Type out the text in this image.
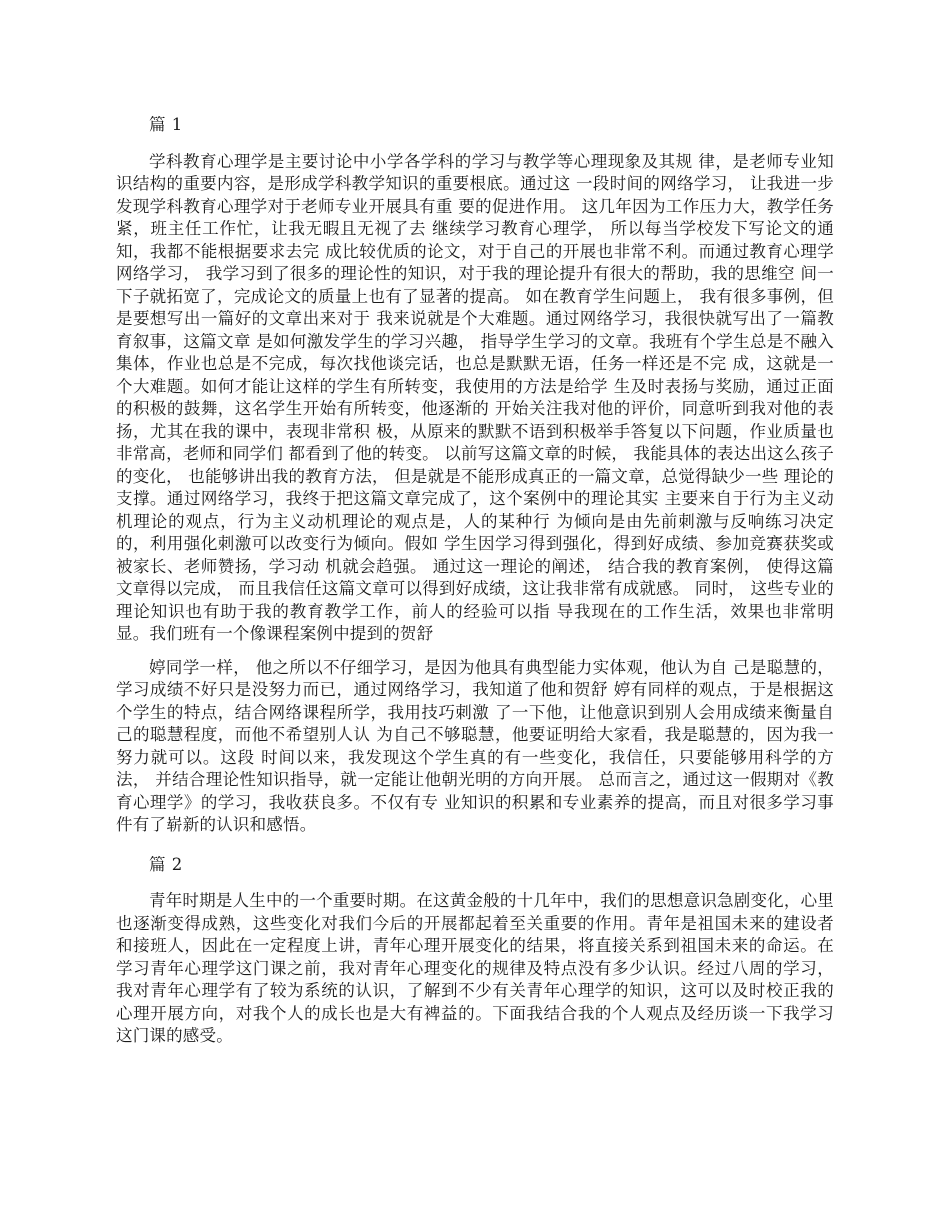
篇 1

学科教育心理学是主要讨论中小学各学科的学习与教学等心理现象及其规 律，是老师专业知识结构的重要内容，是形成学科教学知识的重要根底。通过这 一段时间的网络学习， 让我进一步发现学科教育心理学对于老师专业开展具有重 要的促进作用。 这几年因为工作压力大，教学任务紧，班主任工作忙，让我无暇且无视了去 继续学习教育心理学， 所以每当学校发下写论文的通知，我都不能根据要求去完 成比较优质的论文，对于自己的开展也非常不利。而通过教育心理学网络学习， 我学习到了很多的理论性的知识，对于我的理论提升有很大的帮助，我的思维空 间一下子就拓宽了，完成论文的质量上也有了显著的提高。 如在教育学生问题上， 我有很多事例，但是要想写出一篇好的文章出来对于 我来说就是个大难题。通过网络学习，我很快就写出了一篇教育叙事，这篇文章 是如何激发学生的学习兴趣， 指导学生学习的文章。我班有个学生总是不融入集体，作业也总是不完成，每次找他谈完话，也总是默默无语，任务一样还是不完 成，这就是一个大难题。如何才能让这样的学生有所转变，我使用的方法是给学 生及时表扬与奖励，通过正面的积极的鼓舞，这名学生开始有所转变，他逐渐的 开始关注我对他的评价，同意听到我对他的表扬，尤其在我的课中，表现非常积 极，从原来的默默不语到积极举手答复以下问题，作业质量也非常高，老师和同学们 都看到了他的转变。 以前写这篇文章的时候， 我能具体的表达出这么孩子的变化， 也能够讲出我的教育方法， 但是就是不能形成真正的一篇文章，总觉得缺少一些 理论的支撑。通过网络学习，我终于把这篇文章完成了，这个案例中的理论其实 主要来自于行为主义动机理论的观点，行为主义动机理论的观点是，人的某种行 为倾向是由先前刺激与反响练习决定的，利用强化刺激可以改变行为倾向。假如 学生因学习得到强化，得到好成绩、参加竞赛获奖或被家长、老师赞扬，学习动 机就会趋强。 通过这一理论的阐述， 结合我的教育案例， 使得这篇文章得以完成， 而且我信任这篇文章可以得到好成绩，这让我非常有成就感。 同时， 这些专业的理论知识也有助于我的教育教学工作，前人的经验可以指 导我现在的工作生活，效果也非常明显。我们班有一个像课程案例中提到的贺舒

婷同学一样， 他之所以不仔细学习，是因为他具有典型能力实体观，他认为自 己是聪慧的，学习成绩不好只是没努力而已，通过网络学习，我知道了他和贺舒 婷有同样的观点，于是根据这个学生的特点，结合网络课程所学，我用技巧刺激 了一下他，让他意识到别人会用成绩来衡量自己的聪慧程度，而他不希望别人认 为自己不够聪慧，他要证明给大家看，我是聪慧的，因为我一努力就可以。这段 时间以来，我发现这个学生真的有一些变化，我信任，只要能够用科学的方法， 并结合理论性知识指导，就一定能让他朝光明的方向开展。 总而言之，通过这一假期对《教育心理学》的学习，我收获良多。不仅有专 业知识的积累和专业素养的提高，而且对很多学习事件有了崭新的认识和感悟。

篇 2

青年时期是人生中的一个重要时期。在这黄金般的十几年中，我们的思想意识急剧变化，心里也逐渐变得成熟，这些变化对我们今后的开展都起着至关重要的作用。青年是祖国未来的建设者和接班人，因此在一定程度上讲，青年心理开展变化的结果，将直接关系到祖国未来的命运。在学习青年心理学这门课之前，我对青年心理变化的规律及特点没有多少认识。经过八周的学习，我对青年心理学有了较为系统的认识，了解到不少有关青年心理学的知识，这可以及时校正我的心理开展方向，对我个人的成长也是大有裨益的。下面我结合我的个人观点及经历谈一下我学习这门课的感受。
